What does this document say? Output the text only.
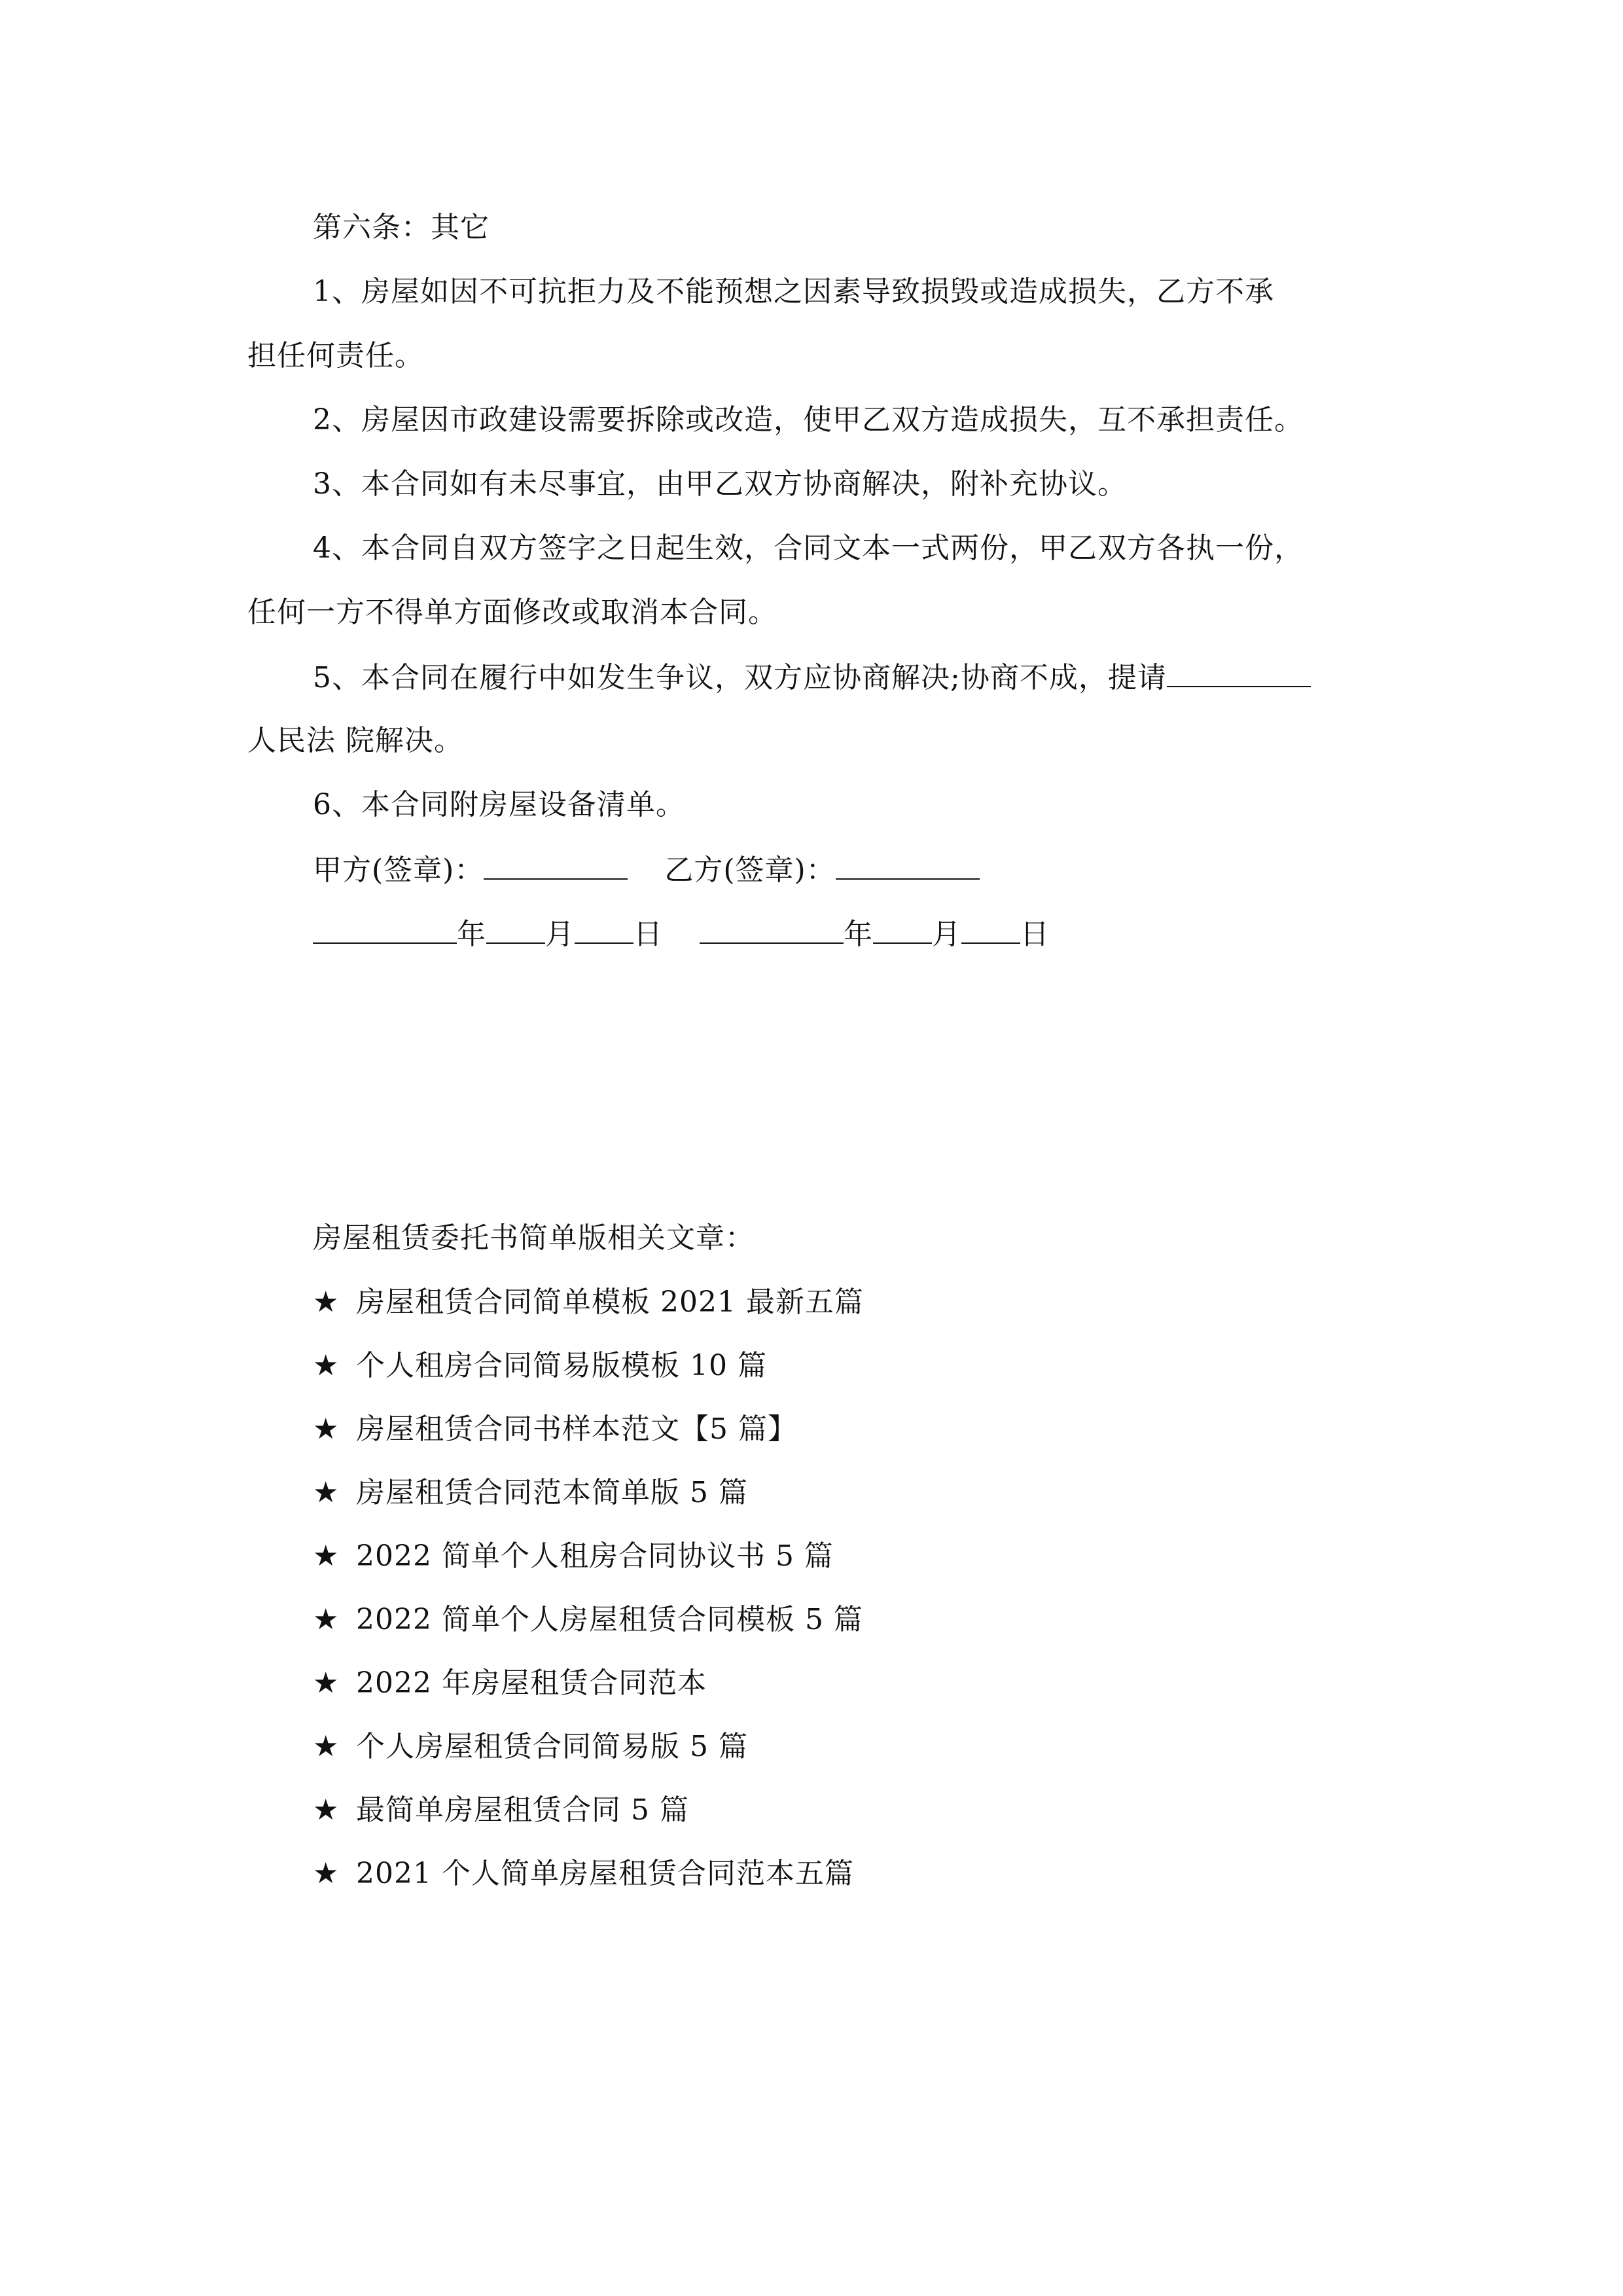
第六条：其它
1、房屋如因不可抗拒力及不能预想之因素导致损毁或造成损失，乙方不承
担任何责任。
2、房屋因市政建设需要拆除或改造，使甲乙双方造成损失，互不承担责任。
3、本合同如有未尽事宜，由甲乙双方协商解决，附补充协议。
4、本合同自双方签字之日起生效，合同文本一式两份，甲乙双方各执一份，
任何一方不得单方面修改或取消本合同。
5、本合同在履行中如发生争议，双方应协商解决;协商不成，提请
人民法 院解决。
6、本合同附房屋设备清单。
甲方(签章)：	乙方(签章)：
年 月 日	年 月 日
房屋租赁委托书简单版相关文章：
★ 房屋租赁合同简单模板 2021 最新五篇
★ 个人租房合同简易版模板 10 篇
★ 房屋租赁合同书样本范文【5 篇】
★ 房屋租赁合同范本简单版 5 篇
★ 2022 简单个人租房合同协议书 5 篇
★ 2022 简单个人房屋租赁合同模板 5 篇
★ 2022 年房屋租赁合同范本
★ 个人房屋租赁合同简易版 5 篇
★ 最简单房屋租赁合同 5 篇
★ 2021 个人简单房屋租赁合同范本五篇
